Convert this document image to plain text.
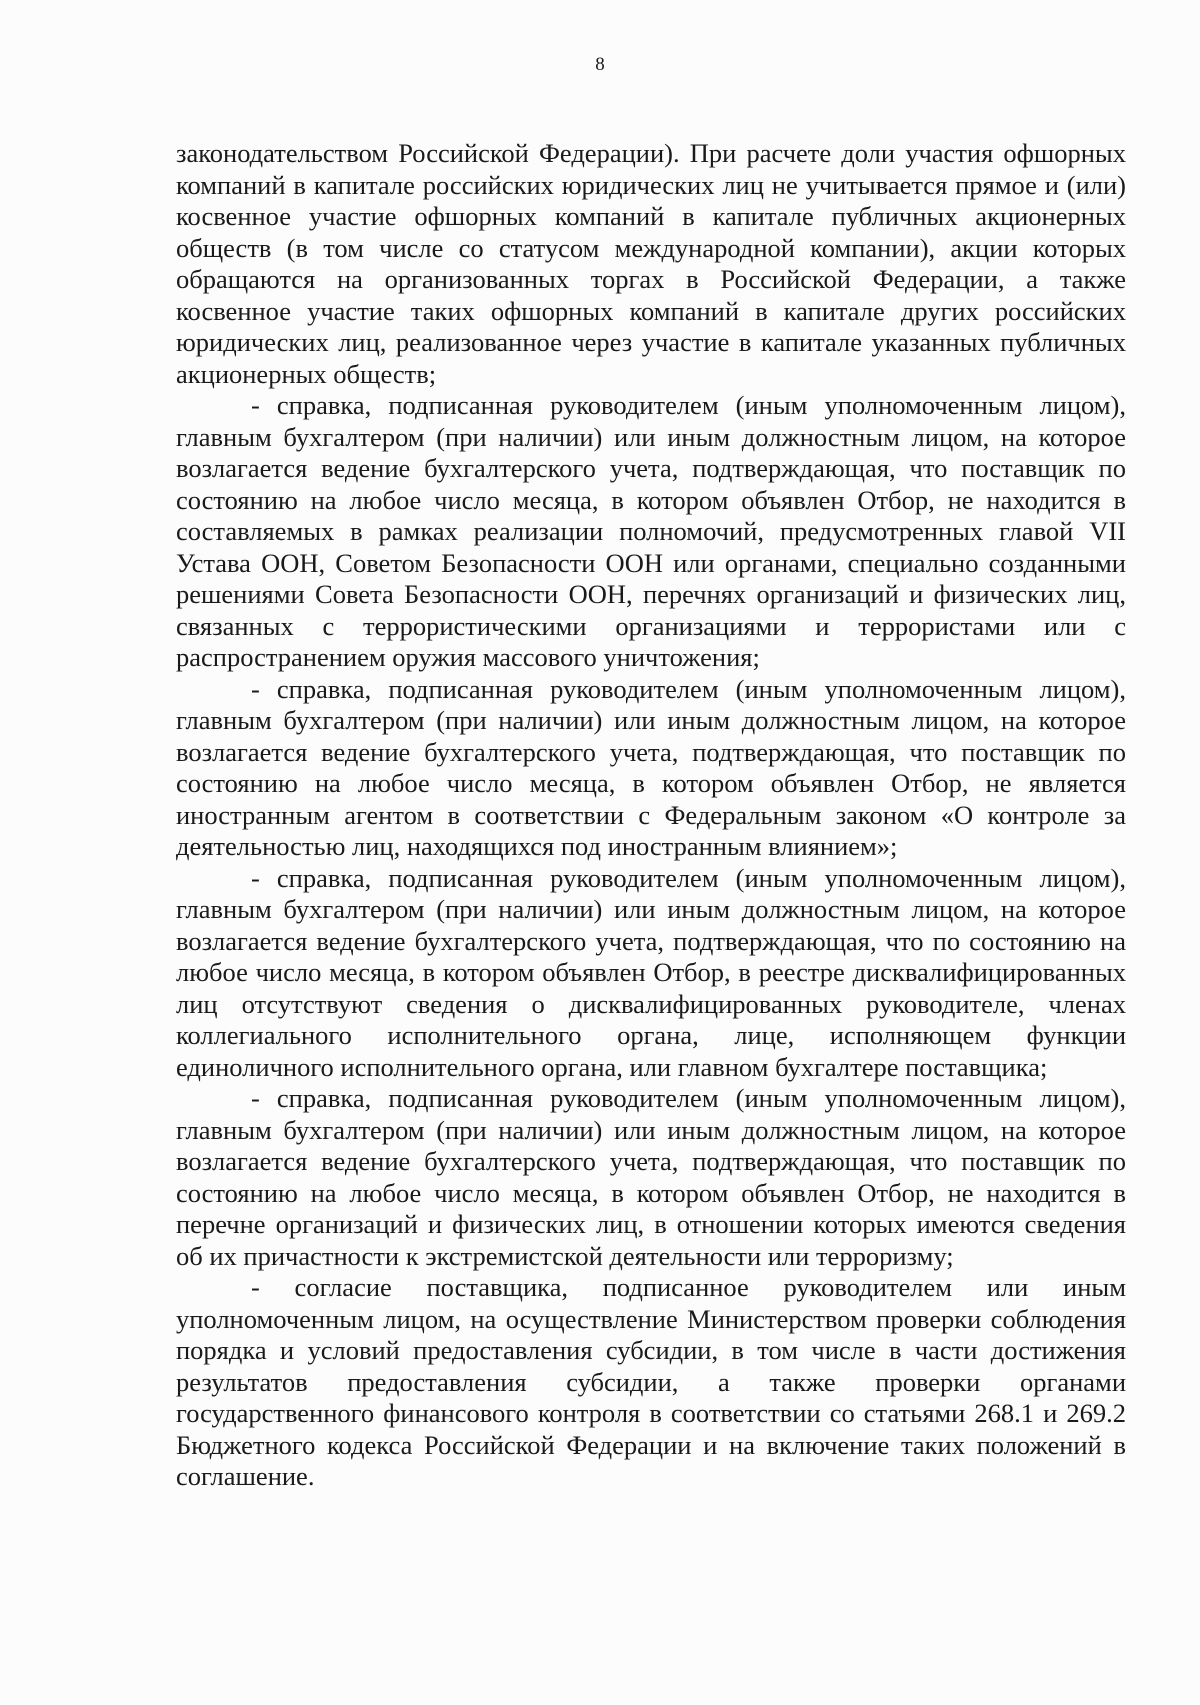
8

законодательством Российской Федерации). При расчете доли участия офшорных компаний в капитале российских юридических лиц не учитывается прямое и (или) косвенное участие офшорных компаний в капитале публичных акционерных обществ (в том числе со статусом международной компании), акции которых обращаются на организованных торгах в Российской Федерации, а также косвенное участие таких офшорных компаний в капитале других российских юридических лиц, реализованное через участие в капитале указанных публичных акционерных обществ;

- справка, подписанная руководителем (иным уполномоченным лицом), главным бухгалтером (при наличии) или иным должностным лицом, на которое возлагается ведение бухгалтерского учета, подтверждающая, что поставщик по состоянию на любое число месяца, в котором объявлен Отбор, не находится в составляемых в рамках реализации полномочий, предусмотренных главой VII Устава ООН, Советом Безопасности ООН или органами, специально созданными решениями Совета Безопасности ООН, перечнях организаций и физических лиц, связанных с террористическими организациями и террористами или с распространением оружия массового уничтожения;

- справка, подписанная руководителем (иным уполномоченным лицом), главным бухгалтером (при наличии) или иным должностным лицом, на которое возлагается ведение бухгалтерского учета, подтверждающая, что поставщик по состоянию на любое число месяца, в котором объявлен Отбор, не является иностранным агентом в соответствии с Федеральным законом «О контроле за деятельностью лиц, находящихся под иностранным влиянием»;

- справка, подписанная руководителем (иным уполномоченным лицом), главным бухгалтером (при наличии) или иным должностным лицом, на которое возлагается ведение бухгалтерского учета, подтверждающая, что по состоянию на любое число месяца, в котором объявлен Отбор, в реестре дисквалифицированных лиц отсутствуют сведения о дисквалифицированных руководителе, членах коллегиального исполнительного органа, лице, исполняющем функции единоличного исполнительного органа, или главном бухгалтере поставщика;

- справка, подписанная руководителем (иным уполномоченным лицом), главным бухгалтером (при наличии) или иным должностным лицом, на которое возлагается ведение бухгалтерского учета, подтверждающая, что поставщик по состоянию на любое число месяца, в котором объявлен Отбор, не находится в перечне организаций и физических лиц, в отношении которых имеются сведения об их причастности к экстремистской деятельности или терроризму;

- согласие поставщика, подписанное руководителем или иным уполномоченным лицом, на осуществление Министерством проверки соблюдения порядка и условий предоставления субсидии, в том числе в части достижения результатов предоставления субсидии, а также проверки органами государственного финансового контроля в соответствии со статьями 268.1 и 269.2 Бюджетного кодекса Российской Федерации и на включение таких положений в соглашение.
